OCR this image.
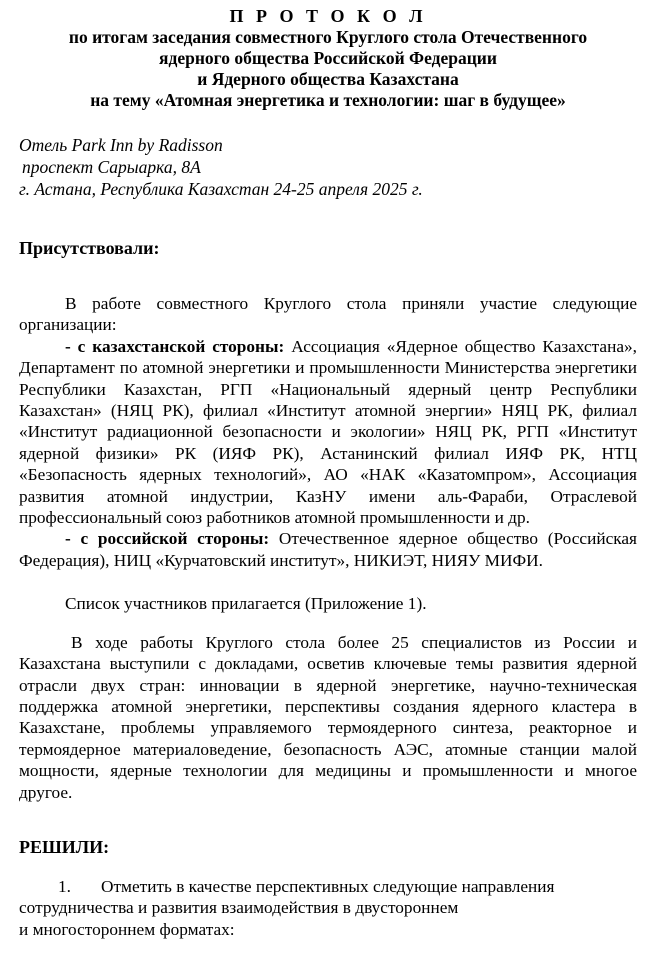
П Р О Т О К О Л

по итогам заседания совместного Круглого стола Отечественного

ядерного общества Российской Федерации

и Ядерного общества Казахстана

на тему «Атомная энергетика и технологии: шаг в будущее»

Отель Park Inn by Radisson
проспект Сарыарка, 8А
г. Астана, Республика Казахстан 24-25 апреля 2025 г.
Присутствовали:

В работе совместного Круглого стола приняли участие следующие организации:

- с казахстанской стороны: Ассоциация «Ядерное общество Казахстана», Департамент по атомной энергетики и промышленности Министерства энергетики Республики Казахстан, РГП «Национальный ядерный центр Республики Казахстан» (НЯЦ РК), филиал «Институт атомной энергии» НЯЦ РК, филиал «Институт радиационной безопасности и экологии» НЯЦ РК, РГП «Институт ядерной физики» РК (ИЯФ РК), Астанинский филиал ИЯФ РК, НТЦ «Безопасность ядерных технологий», АО «НАК «Казатомпром», Ассоциация развития атомной индустрии, КазНУ имени аль-Фараби, Отраслевой профессиональный союз работников атомной промышленности и др.

- с российской стороны: Отечественное ядерное общество (Российская Федерация), НИЦ «Курчатовский институт», НИКИЭТ, НИЯУ МИФИ.

Список участников прилагается (Приложение 1).

В ходе работы Круглого стола более 25 специалистов из России и Казахстана выступили с докладами, осветив ключевые темы развития ядерной отрасли двух стран: инновации в ядерной энергетике, научно-техническая поддержка атомной энергетики, перспективы создания ядерного кластера в Казахстане, проблемы управляемого термоядерного синтеза, реакторное и термоядерное материаловедение, безопасность АЭС, атомные станции малой мощности, ядерные технологии для медицины и промышленности и многое другое.

РЕШИЛИ:
1. Отметить в качестве перспективных следующие направления
сотрудничества и развития взаимодействия в двустороннем
и многостороннем форматах:
